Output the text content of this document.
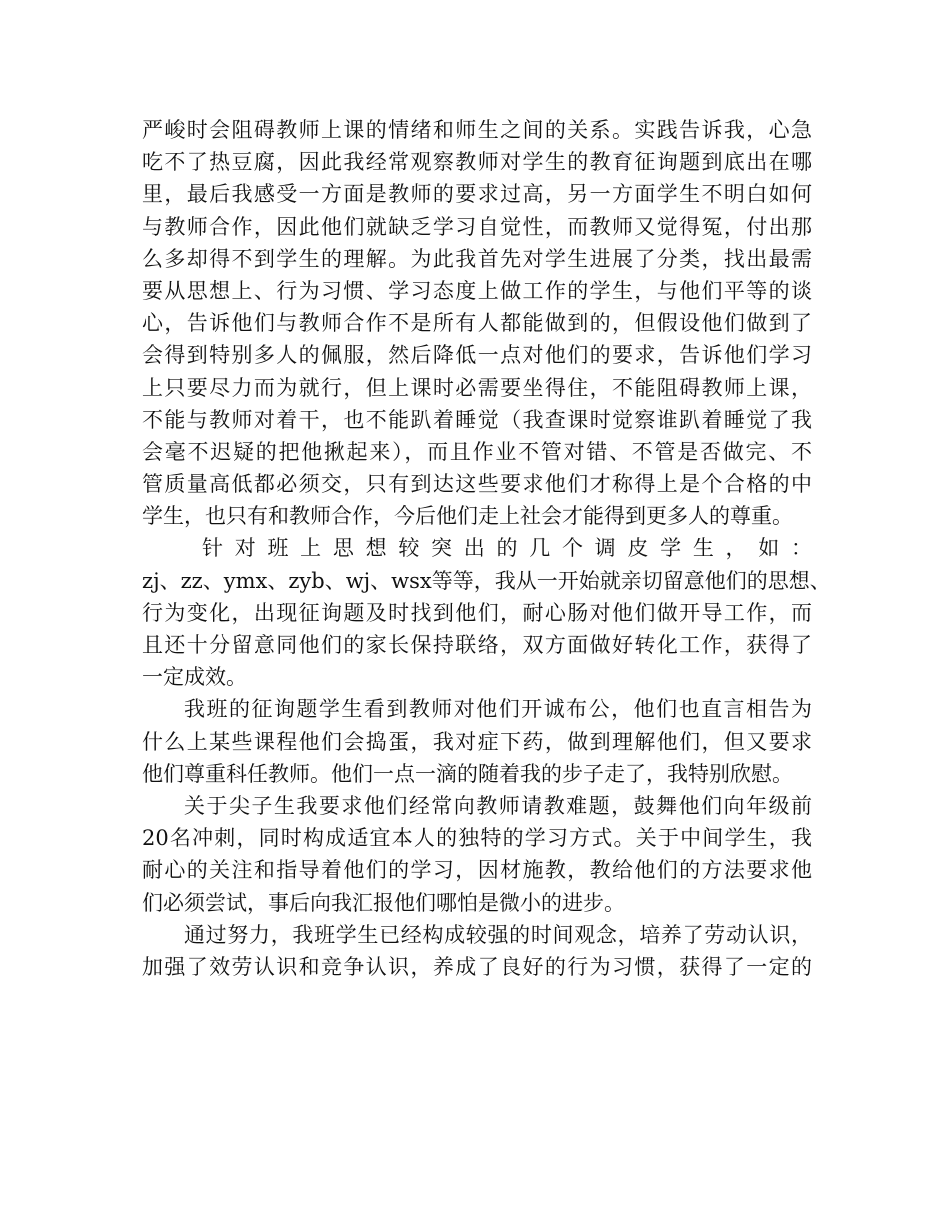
严峻时会阻碍教师上课的情绪和师生之间的关系。实践告诉我，心急
吃不了热豆腐，因此我经常观察教师对学生的教育征询题到底出在哪
里，最后我感受一方面是教师的要求过高，另一方面学生不明白如何
与教师合作，因此他们就缺乏学习自觉性，而教师又觉得冤，付出那
么多却得不到学生的理解。为此我首先对学生进展了分类，找出最需
要从思想上、行为习惯、学习态度上做工作的学生，与他们平等的谈
心，告诉他们与教师合作不是所有人都能做到的，但假设他们做到了
会得到特别多人的佩服，然后降低一点对他们的要求，告诉他们学习
上只要尽力而为就行，但上课时必需要坐得住，不能阻碍教师上课，
不能与教师对着干，也不能趴着睡觉（我查课时觉察谁趴着睡觉了我
会毫不迟疑的把他揪起来），而且作业不管对错、不管是否做完、不
管质量高低都必须交，只有到达这些要求他们才称得上是个合格的中
学生，也只有和教师合作，今后他们走上社会才能得到更多人的尊重。
针对班上思想较突出的几个调皮学生，如：
zj、zz、ymx、zyb、wj、wsx等等，我从一开始就亲切留意他们的思想、
行为变化，出现征询题及时找到他们，耐心肠对他们做开导工作，而
且还十分留意同他们的家长保持联络，双方面做好转化工作，获得了
一定成效。
我班的征询题学生看到教师对他们开诚布公，他们也直言相告为
什么上某些课程他们会捣蛋，我对症下药，做到理解他们，但又要求
他们尊重科任教师。他们一点一滴的随着我的步子走了，我特别欣慰。
关于尖子生我要求他们经常向教师请教难题，鼓舞他们向年级前
20名冲刺，同时构成适宜本人的独特的学习方式。关于中间学生，我
耐心的关注和指导着他们的学习，因材施教，教给他们的方法要求他
们必须尝试，事后向我汇报他们哪怕是微小的进步。
通过努力，我班学生已经构成较强的时间观念，培养了劳动认识，
加强了效劳认识和竞争认识，养成了良好的行为习惯，获得了一定的
